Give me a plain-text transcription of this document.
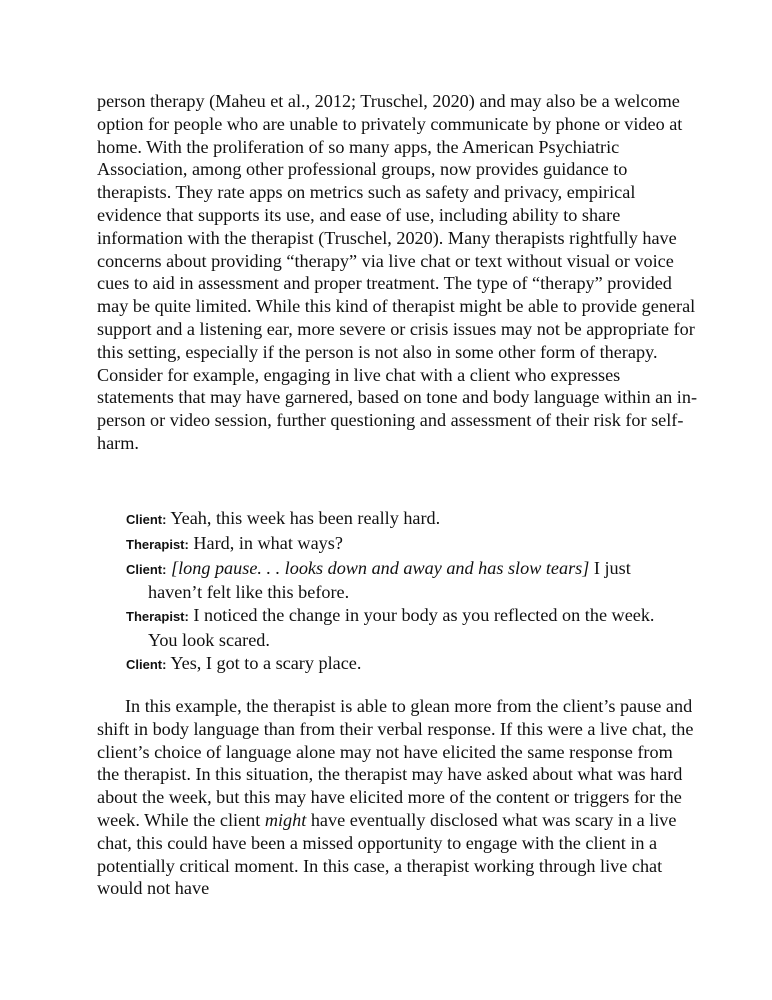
person therapy (Maheu et al., 2012; Truschel, 2020) and may also be a welcome option for people who are unable to privately communicate by phone or video at home. With the proliferation of so many apps, the American Psychiatric Association, among other professional groups, now provides guidance to therapists. They rate apps on metrics such as safety and privacy, empirical evidence that supports its use, and ease of use, including ability to share information with the therapist (Truschel, 2020). Many therapists rightfully have concerns about providing “therapy” via live chat or text without visual or voice cues to aid in assessment and proper treatment. The type of “therapy” provided may be quite limited. While this kind of therapist might be able to provide general support and a listening ear, more severe or crisis issues may not be appropriate for this setting, especially if the person is not also in some other form of therapy. Consider for example, engaging in live chat with a client who expresses statements that may have garnered, based on tone and body language within an in-person or video session, further questioning and assessment of their risk for self-harm.

Client: Yeah, this week has been really hard.

Therapist: Hard, in what ways?

Client: [long pause. . . looks down and away and has slow tears] I just haven’t felt like this before.

Therapist: I noticed the change in your body as you reflected on the week. You look scared.

Client: Yes, I got to a scary place.

In this example, the therapist is able to glean more from the client’s pause and shift in body language than from their verbal response. If this were a live chat, the client’s choice of language alone may not have elicited the same response from the therapist. In this situation, the therapist may have asked about what was hard about the week, but this may have elicited more of the content or triggers for the week. While the client might have eventually disclosed what was scary in a live chat, this could have been a missed opportunity to engage with the client in a potentially critical moment. In this case, a therapist working through live chat would not have
